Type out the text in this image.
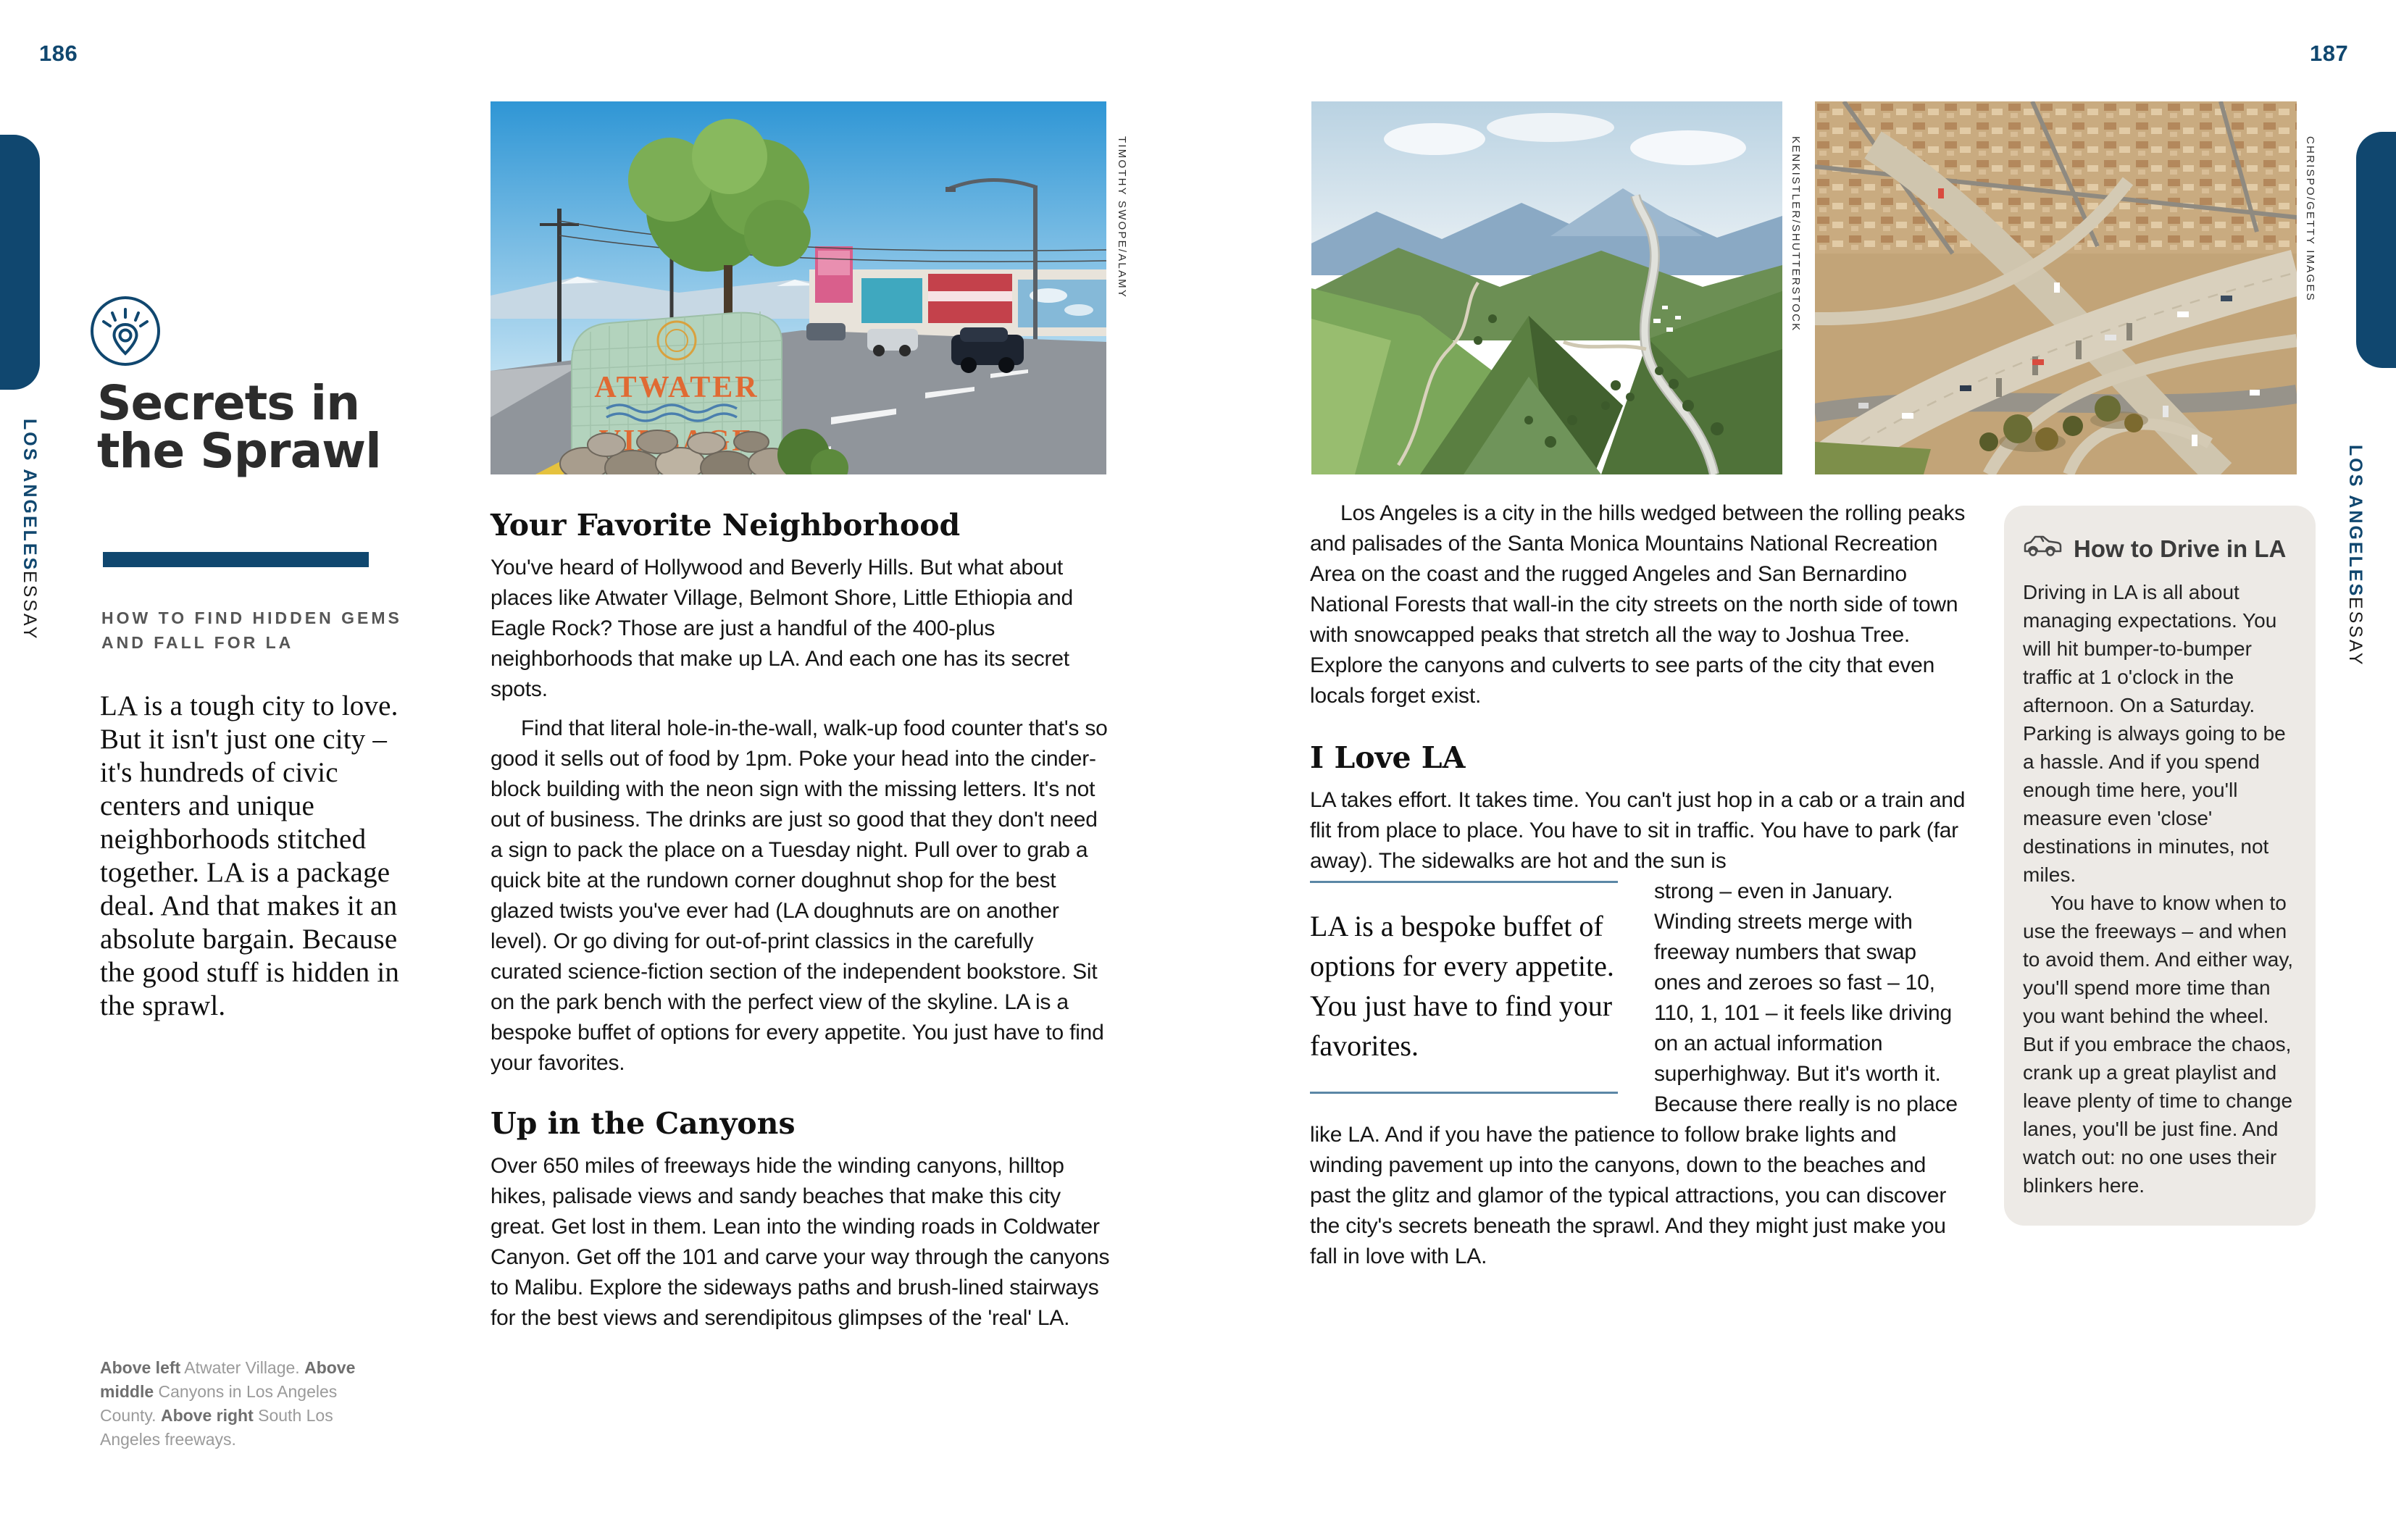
186	187
LOS ANGELES
ESSAY
LOS ANGELES
ESSAY
Secrets in
the Sprawl
HOW TO FIND HIDDEN GEMS AND FALL FOR LA
LA is a tough city to love. But it isn't just one city – it's hundreds of civic centers and unique neighborhoods stitched together. LA is a package deal. And that makes it an absolute bargain. Because the good stuff is hidden in the sprawl.
Above left Atwater Village. Above middle Canyons in Los Angeles County. Above right South Los Angeles freeways.
ATWATER
TIMOTHY SWOPE/ALAMY	KENKISTLER/SHUTTERSTOCK	CHRISPO/GETTY IMAGES
Your Favorite Neighborhood

You've heard of Hollywood and Beverly Hills. But what about places like Atwater Village, Belmont Shore, Little Ethiopia and Eagle Rock? Those are just a handful of the 400-plus neighborhoods that make up LA. And each one has its secret spots.

Find that literal hole-in-the-wall, walk-up food counter that's so good it sells out of food by 1pm. Poke your head into the cinder-block building with the neon sign with the missing letters. It's not out of business. The drinks are just so good that they don't need a sign to pack the place on a Tuesday night. Pull over to grab a quick bite at the rundown corner doughnut shop for the best glazed twists you've ever had (LA doughnuts are on another level). Or go diving for out-of-print classics in the carefully curated science-fiction section of the independent bookstore. Sit on the park bench with the perfect view of the skyline. LA is a bespoke buffet of options for every appetite. You just have to find your favorites.

Up in the Canyons

Over 650 miles of freeways hide the winding canyons, hilltop hikes, palisade views and sandy beaches that make this city great. Get lost in them. Lean into the winding roads in Coldwater Canyon. Get off the 101 and carve your way through the canyons to Malibu. Explore the sideways paths and brush-lined stairways for the best views and serendipitous glimpses of the 'real' LA.

Los Angeles is a city in the hills wedged between the rolling peaks and palisades of the Santa Monica Mountains National Recreation Area on the coast and the rugged Angeles and San Bernardino National Forests that wall-in the city streets on the north side of town with snowcapped peaks that stretch all the way to Joshua Tree. Explore the canyons and culverts to see parts of the city that even locals forget exist.

I Love LA

LA takes effort. It takes time. You can't just hop in a cab or a train and flit from place to place. You have to sit in traffic. You have to park (far away). The sidewalks are hot and the sun is

LA is a bespoke buffet of options for every appetite. You just have to find your favorites.

strong – even in January. Winding streets merge with freeway numbers that swap ones and zeroes so fast – 10, 110, 1, 101 – it feels like driving on an actual information superhighway. But it's worth it. Because there really is no place like LA. And if you have the patience to follow brake lights and winding pavement up into the canyons, down to the beaches and past the glitz and glamor of the typical attractions, you can discover the city's secrets beneath the sprawl. And they might just make you fall in love with LA.

How to Drive in LA

Driving in LA is all about managing expectations. You will hit bumper-to-bumper traffic at 1 o'clock in the afternoon. On a Saturday. Parking is always going to be a hassle. And if you spend enough time here, you'll measure even 'close' destinations in minutes, not miles.

You have to know when to use the freeways – and when to avoid them. And either way, you'll spend more time than you want behind the wheel. But if you embrace the chaos, crank up a great playlist and leave plenty of time to change lanes, you'll be just fine. And watch out: no one uses their blinkers here.
